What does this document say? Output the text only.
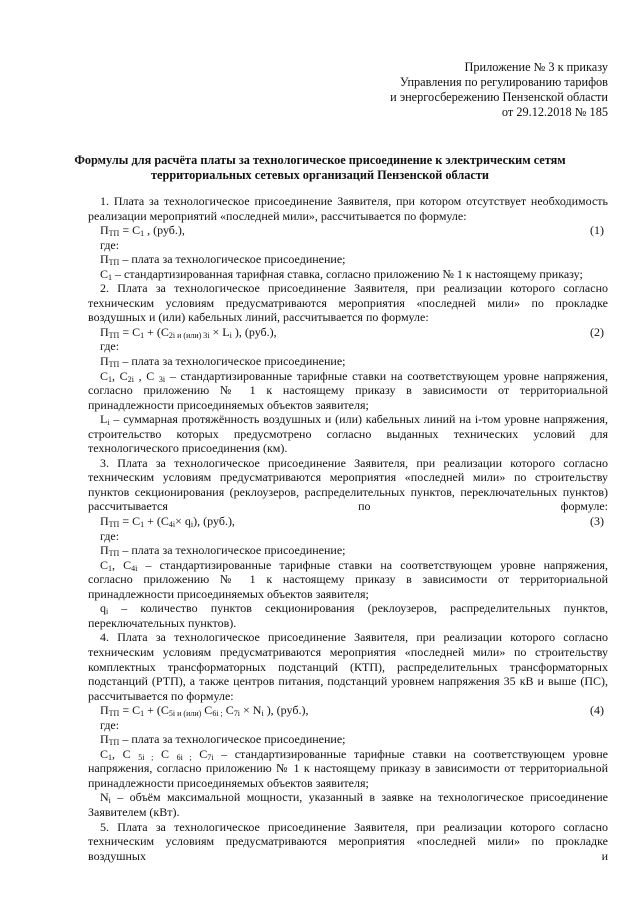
Приложение № 3 к приказу
Управления по регулированию тарифов
и энергосбережению Пензенской области
от 29.12.2018 № 185
Формулы для расчёта платы за технологическое присоединение к электрическим сетям
территориальных сетевых организаций Пензенской области

1. Плата за технологическое присоединение Заявителя, при котором отсутствует необходимость реализации мероприятий «последней мили», рассчитывается по формуле:

$П_{ТП} = С_1$ , (руб.),	(1)

где:

$П_{ТП}$ – плата за технологическое присоединение;

$С_1$ – стандартизированная тарифная ставка, согласно приложению № 1 к настоящему приказу;

2. Плата за технологическое присоединение Заявителя, при реализации которого согласно техническим условиям предусматриваются мероприятия «последней мили» по прокладке воздушных и (или) кабельных линий, рассчитывается по формуле:

$П_{ТП} = С_1 + (С_{2i и (или) 3i} \times L_i$ ), (руб.),	(2)

где:

$П_{ТП}$ – плата за технологическое присоединение;

$С_1$, $С_{2i}$ , С $_{3i}$ – стандартизированные тарифные ставки на соответствующем уровне напряжения, согласно приложению № 1 к настоящему приказу в зависимости от территориальной принадлежности присоединяемых объектов заявителя;

$L_i$ – суммарная протяжённость воздушных и (или) кабельных линий на i-том уровне напряжения, строительство которых предусмотрено согласно выданных технических условий для технологического присоединения (км).

3. Плата за технологическое присоединение Заявителя, при реализации которого согласно техническим условиям предусматриваются мероприятия «последней мили» по строительству пунктов секционирования (реклоузеров, распределительных пунктов, переключательных пунктов) рассчитывается по формуле:

$П_{ТП} = С_1 + (С_{4i}\times q_i)$, (руб.),	(3)

где:

$П_{ТП}$ – плата за технологическое присоединение;

$С_1$, $С_{4i}$ – стандартизированные тарифные ставки на соответствующем уровне напряжения, согласно приложению № 1 к настоящему приказу в зависимости от территориальной принадлежности присоединяемых объектов заявителя;

$q_i$ – количество пунктов секционирования (реклоузеров, распределительных пунктов, переключательных пунктов).

4. Плата за технологическое присоединение Заявителя, при реализации которого согласно техническим условиям предусматриваются мероприятия «последней мили» по строительству комплектных трансформаторных подстанций (КТП), распределительных трансформаторных подстанций (РТП), а также центров питания, подстанций уровнем напряжения 35 кВ и выше (ПС), рассчитывается по формуле:

$П_{ТП} = С_1 + (С_{5i и (или)}$ $С_{6i ;}$ $С_{7i} \times N_i$ ), (руб.),	(4)

где:

$П_{ТП}$ – плата за технологическое присоединение;

$С_1$, С $_{5i ;}$ С $_{6i ;}$ $С_{7i}$ – стандартизированные тарифные ставки на соответствующем уровне напряжения, согласно приложению № 1 к настоящему приказу в зависимости от территориальной принадлежности присоединяемых объектов заявителя;

$N_i$ – объём максимальной мощности, указанный в заявке на технологическое присоединение Заявителем (кВт).

5. Плата за технологическое присоединение Заявителя, при реализации которого согласно техническим условиям предусматриваются мероприятия «последней мили» по прокладке воздушных и
